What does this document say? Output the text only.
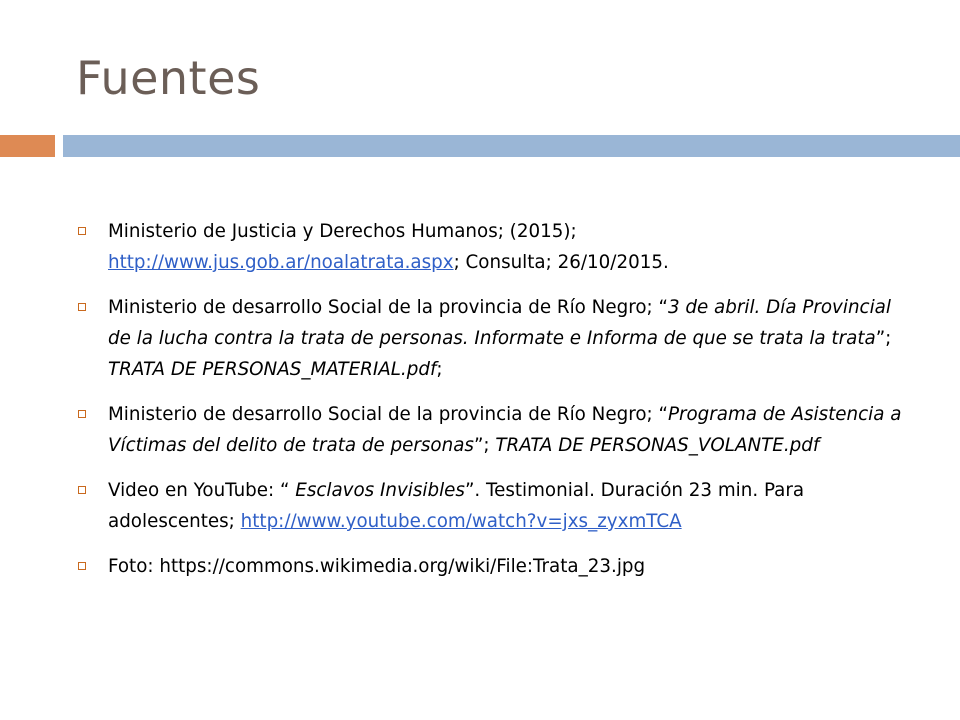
Fuentes
Ministerio de Justicia y Derechos Humanos; (2015); http://www.jus.gob.ar/noalatrata.aspx; Consulta; 26/10/2015.
Ministerio de desarrollo Social de la provincia de Río Negro; “3 de abril. Día Provincial de la lucha contra la trata de personas. Informate e Informa de que se trata la trata”; TRATA DE PERSONAS_MATERIAL.pdf;
Ministerio de desarrollo Social de la provincia de Río Negro; “Programa de Asistencia a Víctimas del delito de trata de personas”; TRATA DE PERSONAS_VOLANTE.pdf
Video en YouTube: “ Esclavos Invisibles”. Testimonial. Duración 23 min. Para adolescentes; http://www.youtube.com/watch?v=jxs_zyxmTCA
Foto: https://commons.wikimedia.org/wiki/File:Trata_23.jpg
